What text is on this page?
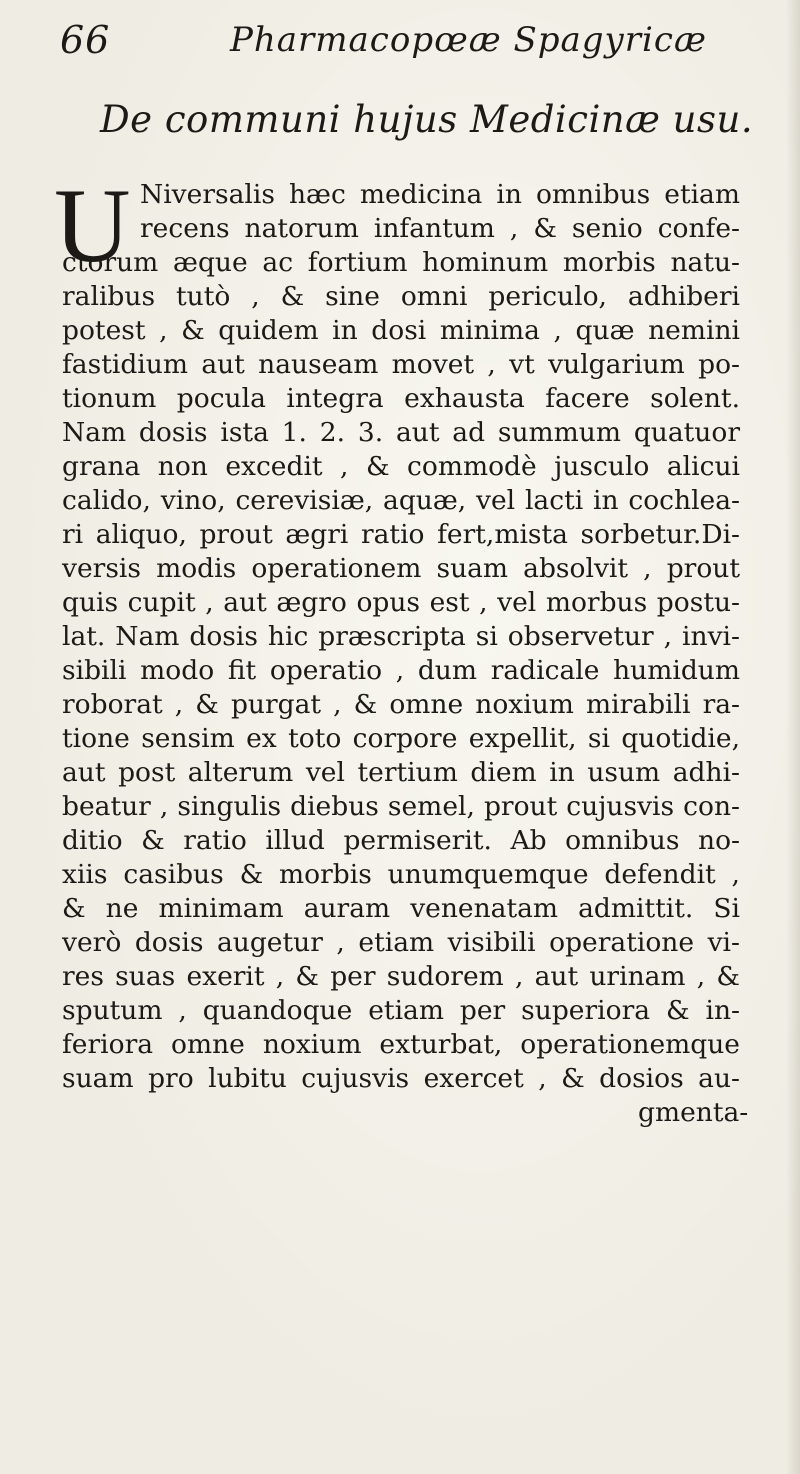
66	Pharmacopœæ Spagyricæ
De communi hujus Medicinæ usu.
U Niversalis hæc medicina in omnibus etiam
recens natorum infantum , & senio confe-
ctorum æque ac fortium hominum morbis natu-
ralibus tutò , & sine omni periculo, adhiberi
potest , & quidem in dosi minima , quæ nemini
fastidium aut nauseam movet , vt vulgarium po-
tionum pocula integra exhausta facere solent.
Nam dosis ista 1. 2. 3. aut ad summum quatuor
grana non excedit , & commodè jusculo alicui
calido, vino, cerevisiæ, aquæ, vel lacti in cochlea-
ri aliquo, prout ægri ratio fert,mista sorbetur.Di-
versis modis operationem suam absolvit , prout
quis cupit , aut ægro opus est , vel morbus postu-
lat. Nam dosis hic præscripta si observetur , invi-
sibili modo fit operatio , dum radicale humidum
roborat , & purgat , & omne noxium mirabili ra-
tione sensim ex toto corpore expellit, si quotidie,
aut post alterum vel tertium diem in usum adhi-
beatur , singulis diebus semel, prout cujusvis con-
ditio & ratio illud permiserit. Ab omnibus no-
xiis casibus & morbis unumquemque defendit ,
& ne minimam auram venenatam admittit. Si
verò dosis augetur , etiam visibili operatione vi-
res suas exerit , & per sudorem , aut urinam , &
sputum , quandoque etiam per superiora & in-
feriora omne noxium exturbat, operationemque
suam pro lubitu cujusvis exercet , & dosios au-
gmenta-
